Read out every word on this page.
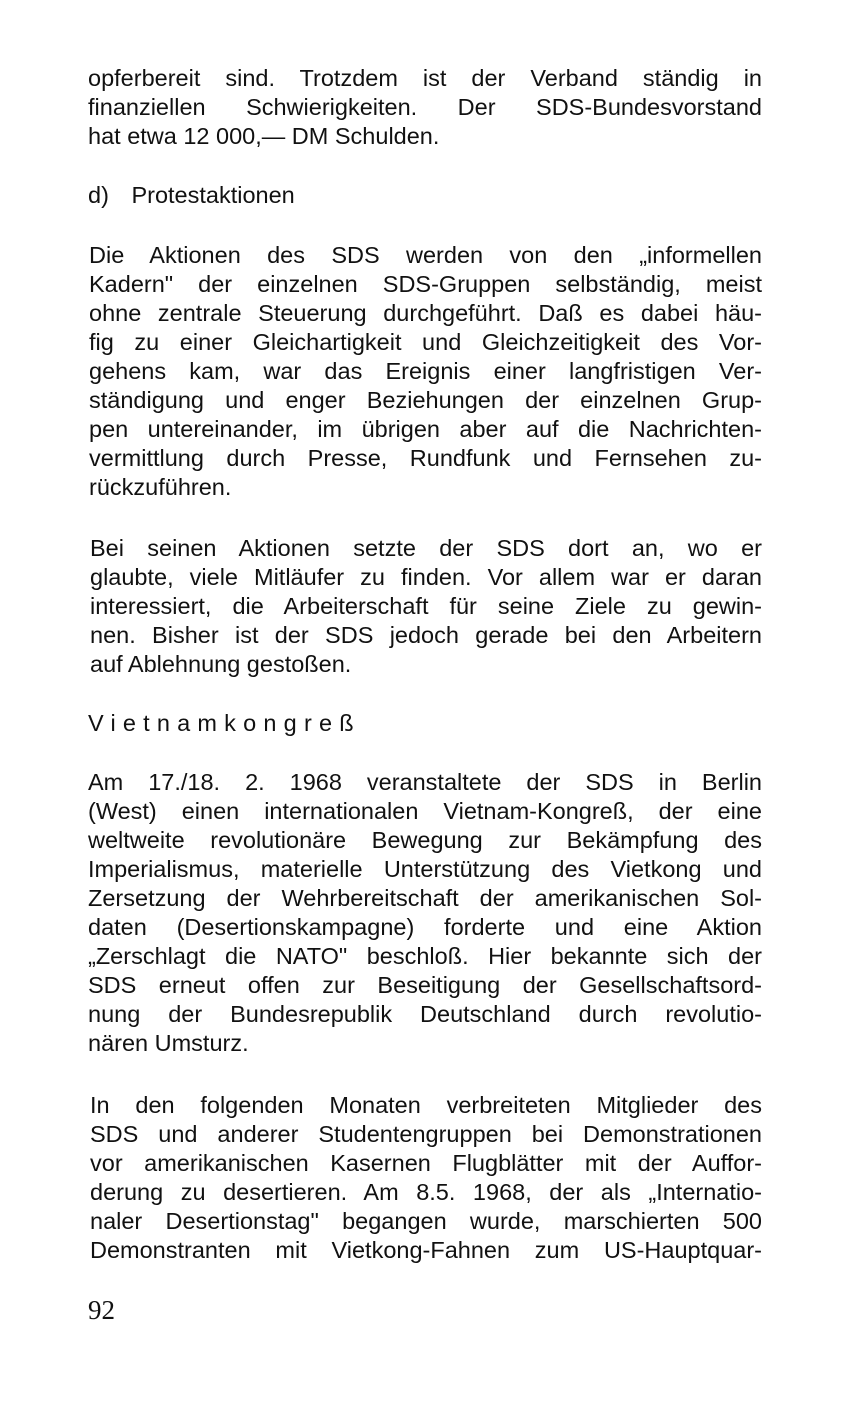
opferbereit sind. Trotzdem ist der Verband ständig in
finanziellen Schwierigkeiten. Der SDS-Bundesvorstand
hat etwa 12 000,— DM Schulden.
d) Protestaktionen
Die Aktionen des SDS werden von den „informellen
Kadern" der einzelnen SDS-Gruppen selbständig, meist
ohne zentrale Steuerung durchgeführt. Daß es dabei häu-
fig zu einer Gleichartigkeit und Gleichzeitigkeit des Vor-
gehens kam, war das Ereignis einer langfristigen Ver-
ständigung und enger Beziehungen der einzelnen Grup-
pen untereinander, im übrigen aber auf die Nachrichten-
vermittlung durch Presse, Rundfunk und Fernsehen zu-
rückzuführen.
Bei seinen Aktionen setzte der SDS dort an, wo er
glaubte, viele Mitläufer zu finden. Vor allem war er daran
interessiert, die Arbeiterschaft für seine Ziele zu gewin-
nen. Bisher ist der SDS jedoch gerade bei den Arbeitern
auf Ablehnung gestoßen.
Vietnamkongreß
Am 17./18. 2. 1968 veranstaltete der SDS in Berlin
(West) einen internationalen Vietnam-Kongreß, der eine
weltweite revolutionäre Bewegung zur Bekämpfung des
Imperialismus, materielle Unterstützung des Vietkong und
Zersetzung der Wehrbereitschaft der amerikanischen Sol-
daten (Desertionskampagne) forderte und eine Aktion
„Zerschlagt die NATO" beschloß. Hier bekannte sich der
SDS erneut offen zur Beseitigung der Gesellschaftsord-
nung der Bundesrepublik Deutschland durch revolutio-
nären Umsturz.
In den folgenden Monaten verbreiteten Mitglieder des
SDS und anderer Studentengruppen bei Demonstrationen
vor amerikanischen Kasernen Flugblätter mit der Auffor-
derung zu desertieren. Am 8.5. 1968, der als „Internatio-
naler Desertionstag" begangen wurde, marschierten 500
Demonstranten mit Vietkong-Fahnen zum US-Hauptquar-
92
